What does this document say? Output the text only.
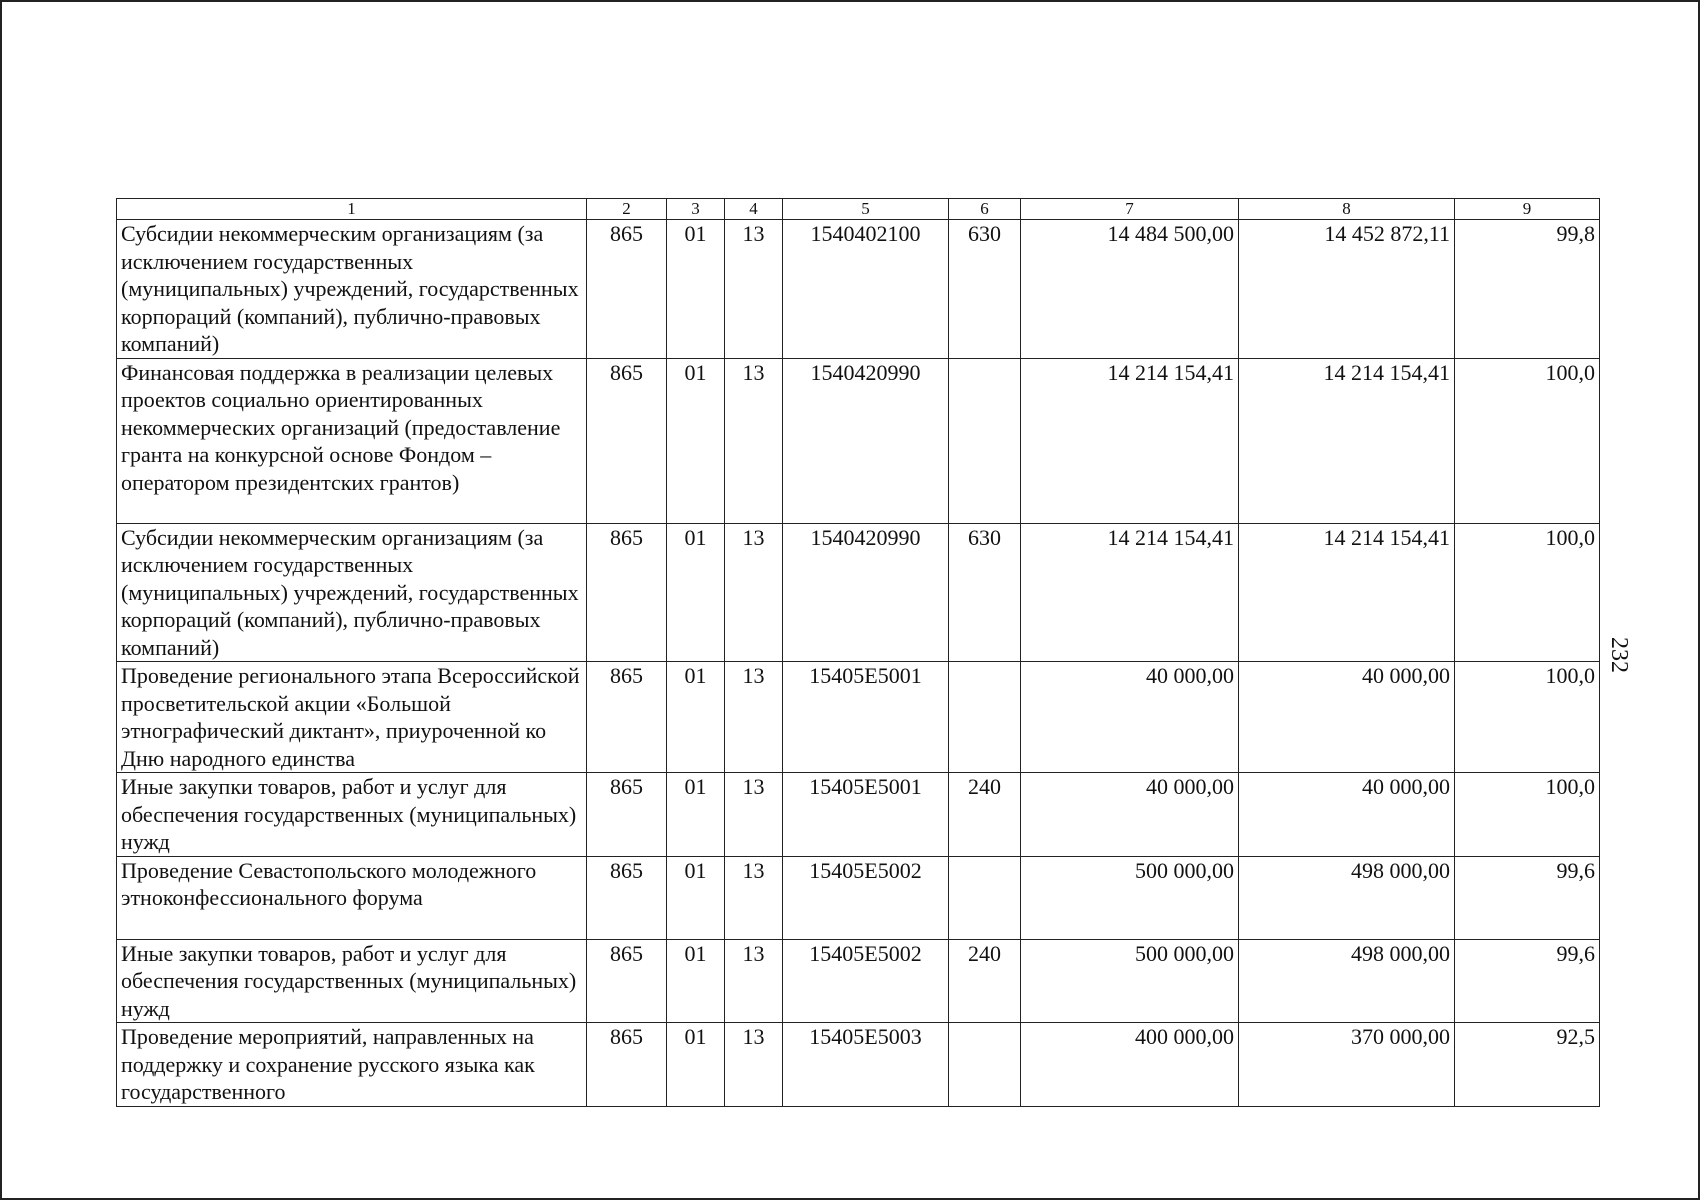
232
1	2	3	4	5	6	7	8	9
Субсидии некоммерческим организациям (за исключением государственных (муниципальных) учреждений, государственных корпораций (компаний), публично-правовых компаний)	865	01	13	1540402100	630	14 484 500,00	14 452 872,11	99,8
Финансовая поддержка в реализации целевых проектов социально ориентированных некоммерческих организаций (предоставление гранта на конкурсной основе Фондом – оператором президентских грантов)	865	01	13	1540420990		14 214 154,41	14 214 154,41	100,0
Субсидии некоммерческим организациям (за исключением государственных (муниципальных) учреждений, государственных корпораций (компаний), публично-правовых компаний)	865	01	13	1540420990	630	14 214 154,41	14 214 154,41	100,0
Проведение регионального этапа Всероссийской просветительской акции «Большой этнографический диктант», приуроченной ко Дню народного единства	865	01	13	15405E5001		40 000,00	40 000,00	100,0
Иные закупки товаров, работ и услуг для обеспечения государственных (муниципальных) нужд	865	01	13	15405E5001	240	40 000,00	40 000,00	100,0
Проведение Севастопольского молодежного этноконфессионального форума	865	01	13	15405E5002		500 000,00	498 000,00	99,6
Иные закупки товаров, работ и услуг для обеспечения государственных (муниципальных) нужд	865	01	13	15405E5002	240	500 000,00	498 000,00	99,6
Проведение мероприятий, направленных на поддержку и сохранение русского языка как государственного	865	01	13	15405E5003		400 000,00	370 000,00	92,5
